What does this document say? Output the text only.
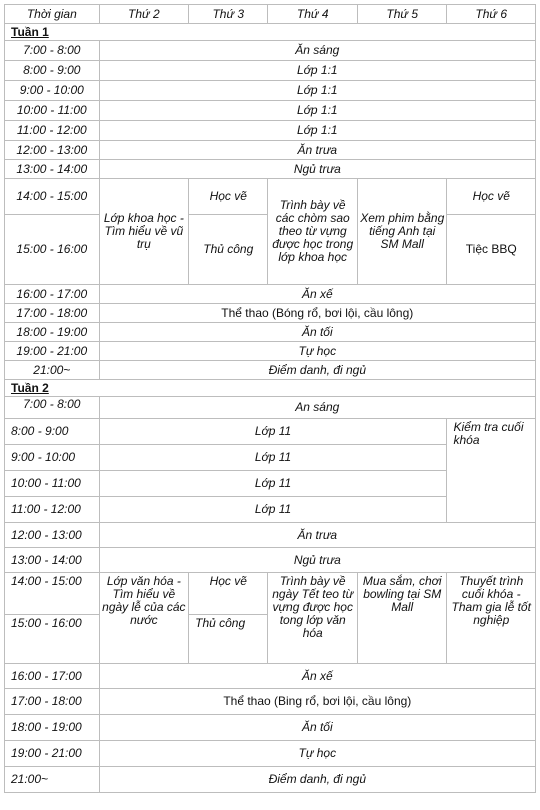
Thời gian	Thứ 2	Thứ 3	Thứ 4	Thứ 5	Thứ 6
Tuần 1					
7:00 - 8:00	Ăn sáng				
8:00 - 9:00	Lớp 1:1				
9:00 - 10:00	Lớp 1:1				
10:00 - 11:00	Lớp 1:1				
11:00 - 12:00	Lớp 1:1				
12:00 - 13:00	Ăn trưa				
13:00 - 14:00	Ngủ trưa				
14:00 - 15:00	Lớp khoa học - Tìm hiểu về vũ trụ	Học vẽ	Trình bày về các chòm sao theo từ vựng được học trong lớp khoa học	Xem phim bằng tiếng Anh tại SM Mall	Học vẽ
15:00 - 16:00		Thủ công			Tiệc BBQ
16:00 - 17:00	Ăn xế				
17:00 - 18:00	Thể thao (Bóng rổ, bơi lội, cầu lông)				
18:00 - 19:00	Ăn tối				
19:00 - 21:00	Tự học				
21:00~	Điểm danh, đi ngủ				
Tuần 2					
7:00 - 8:00	An sáng				
8:00 - 9:00	Lớp 11				Kiểm tra cuối khóa
9:00 - 10:00	Lớp 11				
10:00 - 11:00	Lớp 11				
11:00 - 12:00	Lớp 11				
12:00 - 13:00	Ăn trưa				
13:00 - 14:00	Ngủ trưa				
14:00 - 15:00	Lớp văn hóa - Tìm hiểu về ngày lễ của các nước	Học vẽ	Trình bày về ngày Tết teo từ vựng được học tong lớp văn hóa	Mua sắm, chơi bowling tại SM Mall	Thuyết trình cuối khóa - Tham gia lễ tốt nghiệp
15:00 - 16:00		Thủ công			
16:00 - 17:00	Ăn xế				
17:00 - 18:00	Thể thao (Bing rổ, bơi lội, cầu lông)				
18:00 - 19:00	Ăn tối				
19:00 - 21:00	Tự học				
21:00~	Điểm danh, đi ngủ				
